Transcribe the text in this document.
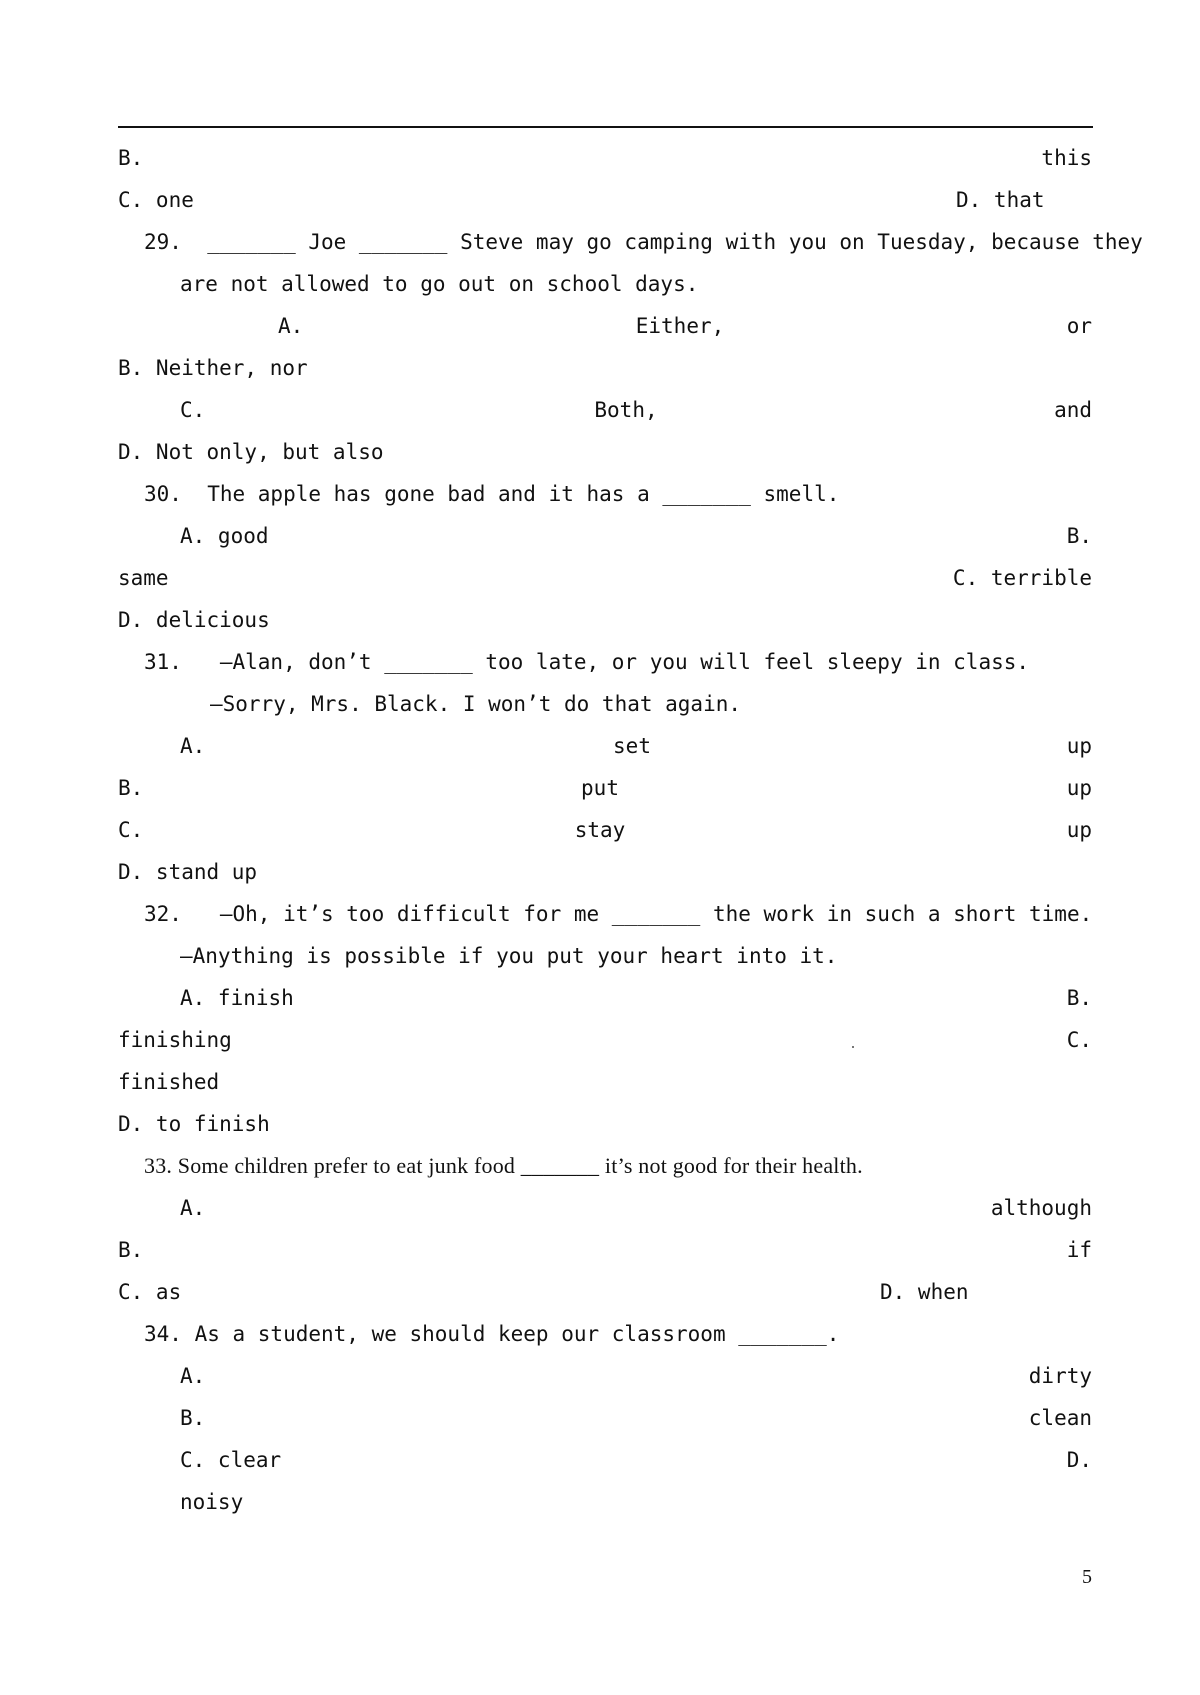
B.	this
C. one	D. that
29.  _______ Joe _______ Steve may go camping with you on Tuesday, because they
are not allowed to go out on school days.
A.	Either,	or
B. Neither, nor
C.	Both,	and
D. Not only, but also
30.  The apple has gone bad and it has a _______ smell.
A. good	B.
same	C. terrible
D. delicious
31.   —Alan, don’t _______ too late, or you will feel sleepy in class.
—Sorry, Mrs. Black. I won’t do that again.
A.	set	up
B.	put	up
C.	stay	up
D. stand up
32.   —Oh, it’s too difficult for me _______ the work in such a short time.
—Anything is possible if you put your heart into it.
A. finish	B.
finishing	C.
finished
D. to finish
33. Some children prefer to eat junk food _______ it’s not good for their health.
A.	although
B.	if
C. as	D. when
34. As a student, we should keep our classroom _______.
A.	dirty
B.	clean
C. clear	D.
noisy
5
